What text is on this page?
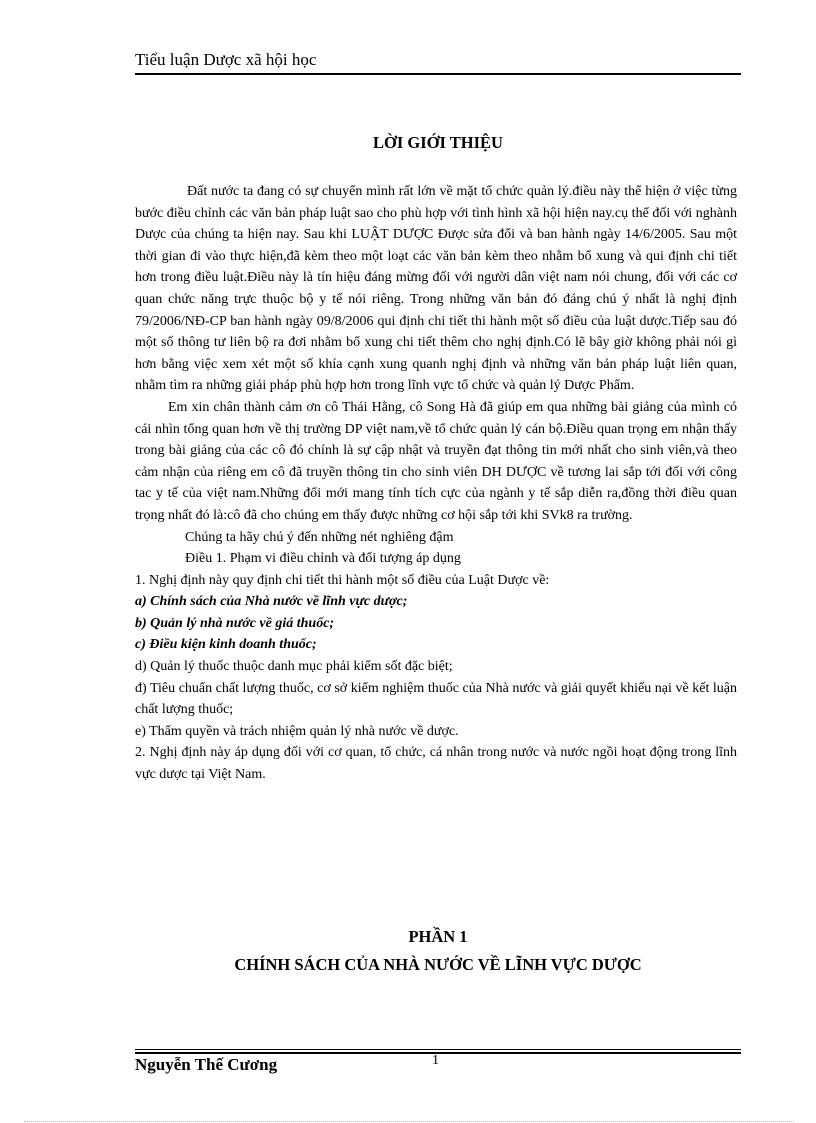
Tiểu luận Dược xã hội học
LỜI GIỚI THIỆU

Đất nước ta đang có sự chuyển mình rất lớn về mặt tổ chức quản lý.điều này thể hiện ở việc từng bước điều chỉnh các văn bản pháp luật sao cho phù hợp với tình hình xã hội hiện nay.cụ thể đối với nghành Dược của chúng ta hiện nay. Sau khi LUẬT DƯỢC Được sửa đổi và ban hành ngày 14/6/2005. Sau một thời gian đi vào thực hiện,đã kèm theo một loạt các văn bản kèm theo nhằm bổ xung và qui định chi tiết hơn trong điều luật.Điều này là tín hiệu đáng mừng đối với người dân việt nam nói chung, đối với các cơ quan chức năng trực thuộc bộ y tế nói riêng. Trong những văn bản đó đáng chú ý nhất là nghị định 79/2006/NĐ-CP ban hành ngày 09/8/2006 qui định chi tiết thi hành một số điều của luật dược.Tiếp sau đó một số thông tư liên bộ ra đơi nhằm bổ xung chi tiết thêm cho nghị định.Có lẽ bây giờ không phải nói gì hơn bằng việc xem xét một số khía cạnh xung quanh nghị định và những văn bản pháp luật liên quan, nhằm tìm ra những giải pháp phù hợp hơn trong lĩnh vực tổ chức và quản lý Dược Phẩm.

Em xin chân thành cảm ơn cô Thái Hằng, cô Song Hà đã giúp em qua những bài giảng của mình có cái nhìn tổng quan hơn về thị trường DP việt nam,về tổ chức quản lý cán bộ.Điều quan trọng em nhận thấy trong bài giảng của các cô đó chính là sự cập nhật và truyền đạt thông tin mới nhất cho sinh viên,và theo cảm nhận của riêng em cô đã truyền thông tin cho sinh viên DH DƯỢC về tương lai sắp tới đối với công tac y tế của việt nam.Những đổi mới mang tính tích cực của ngành y tế sắp diễn ra,đồng thời điều quan trọng nhất đó là:cô đã cho chúng em thấy được những cơ hội sắp tới khi SVk8 ra trường.

Chúng ta hãy chú ý đến những nét nghiêng đậm

Điều 1. Phạm vi điều chỉnh và đối tượng áp dụng

1. Nghị định này quy định chi tiết thi hành một số điều của Luật Dược về:

a) Chính sách của Nhà nước về lĩnh vực dược;

b) Quản lý nhà nước về giá thuốc;

c) Điều kiện kinh doanh thuốc;

d) Quản lý thuốc thuộc danh mục phải kiểm sốt đặc biệt;

đ) Tiêu chuẩn chất lượng thuốc, cơ sở kiểm nghiệm thuốc của Nhà nước và giải quyết khiếu nại về kết luận chất lượng thuốc;

e) Thẩm quyền và trách nhiệm quản lý nhà nước về dược.

2. Nghị định này áp dụng đối với cơ quan, tổ chức, cá nhân trong nước và nước ngồi hoạt động trong lĩnh vực dược tại Việt Nam.

PHẦN 1
CHÍNH SÁCH CỦA NHÀ NƯỚC VỀ LĨNH VỰC DƯỢC
Nguyễn Thế Cương	1
